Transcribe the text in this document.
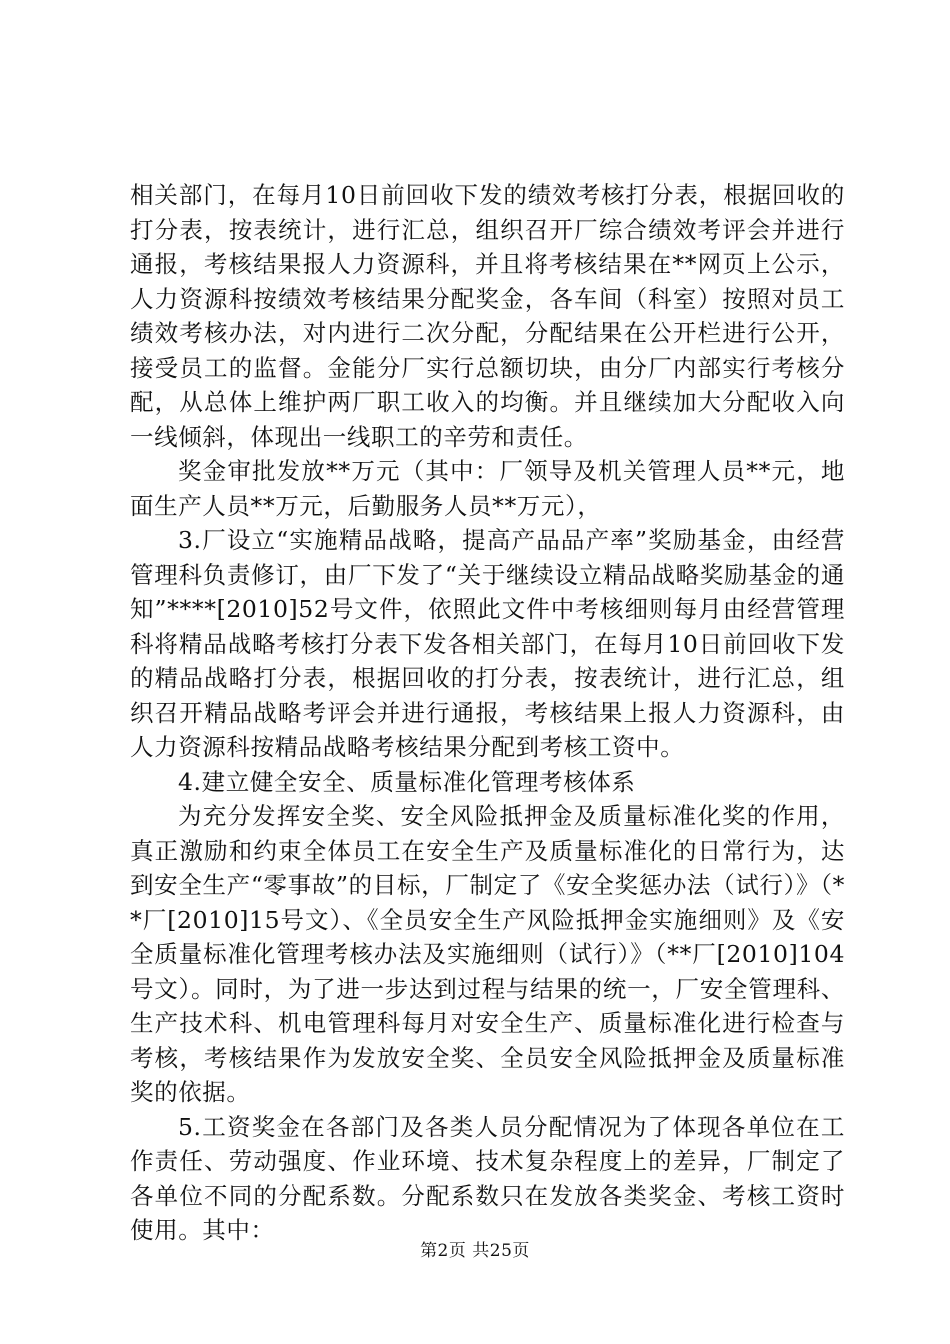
相关部门，在每月10日前回收下发的绩效考核打分表，根据回收的打分表，按表统计，进行汇总，组织召开厂综合绩效考评会并进行通报，考核结果报人力资源科，并且将考核结果在**网页上公示，人力资源科按绩效考核结果分配奖金，各车间（科室）按照对员工绩效考核办法，对内进行二次分配，分配结果在公开栏进行公开，接受员工的监督。金能分厂实行总额切块，由分厂内部实行考核分配，从总体上维护两厂职工收入的均衡。并且继续加大分配收入向一线倾斜，体现出一线职工的辛劳和责任。

奖金审批发放**万元（其中：厂领导及机关管理人员**元，地面生产人员**万元，后勤服务人员**万元），

3.厂设立“实施精品战略，提高产品品产率”奖励基金，由经营管理科负责修订，由厂下发了“关于继续设立精品战略奖励基金的通知”****[2010]52号文件，依照此文件中考核细则每月由经营管理科将精品战略考核打分表下发各相关部门，在每月10日前回收下发的精品战略打分表，根据回收的打分表，按表统计，进行汇总，组织召开精品战略考评会并进行通报，考核结果上报人力资源科，由人力资源科按精品战略考核结果分配到考核工资中。

4.建立健全安全、质量标准化管理考核体系

为充分发挥安全奖、安全风险抵押金及质量标准化奖的作用，真正激励和约束全体员工在安全生产及质量标准化的日常行为，达到安全生产“零事故”的目标，厂制定了《安全奖惩办法（试行）》（**厂[2010]15号文）、《全员安全生产风险抵押金实施细则》及《安全质量标准化管理考核办法及实施细则（试行）》（**厂[2010]104号文）。同时，为了进一步达到过程与结果的统一，厂安全管理科、生产技术科、机电管理科每月对安全生产、质量标准化进行检查与考核，考核结果作为发放安全奖、全员安全风险抵押金及质量标准奖的依据。

5.工资奖金在各部门及各类人员分配情况为了体现各单位在工作责任、劳动强度、作业环境、技术复杂程度上的差异，厂制定了各单位不同的分配系数。分配系数只在发放各类奖金、考核工资时使用。其中：

第2页 共25页
